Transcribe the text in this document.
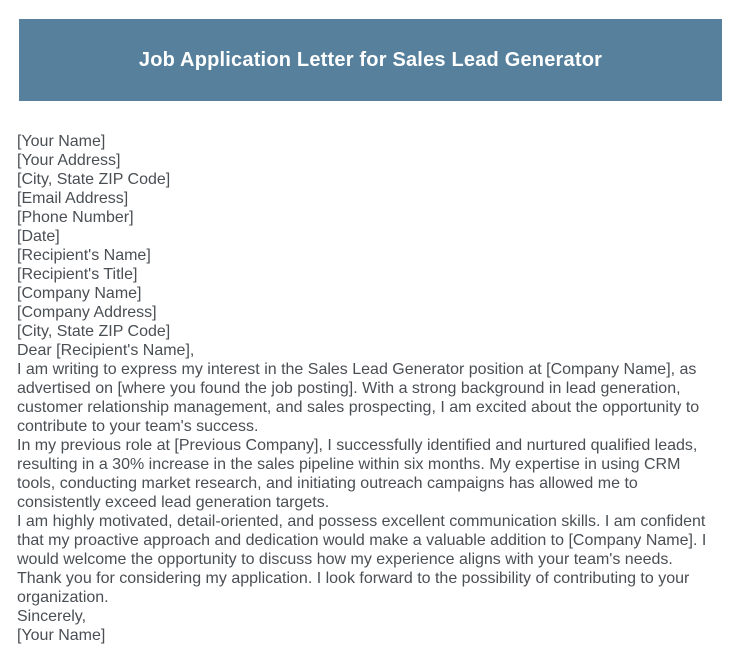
Job Application Letter for Sales Lead Generator
[Your Name]
[Your Address]
[City, State ZIP Code]
[Email Address]
[Phone Number]
[Date]
[Recipient's Name]
[Recipient's Title]
[Company Name]
[Company Address]
[City, State ZIP Code]
Dear [Recipient's Name],
I am writing to express my interest in the Sales Lead Generator position at [Company Name], as advertised on [where you found the job posting]. With a strong background in lead generation, customer relationship management, and sales prospecting, I am excited about the opportunity to contribute to your team's success.
In my previous role at [Previous Company], I successfully identified and nurtured qualified leads, resulting in a 30% increase in the sales pipeline within six months. My expertise in using CRM tools, conducting market research, and initiating outreach campaigns has allowed me to consistently exceed lead generation targets.
I am highly motivated, detail-oriented, and possess excellent communication skills. I am confident that my proactive approach and dedication would make a valuable addition to [Company Name]. I would welcome the opportunity to discuss how my experience aligns with your team's needs.
Thank you for considering my application. I look forward to the possibility of contributing to your organization.
Sincerely,
[Your Name]
